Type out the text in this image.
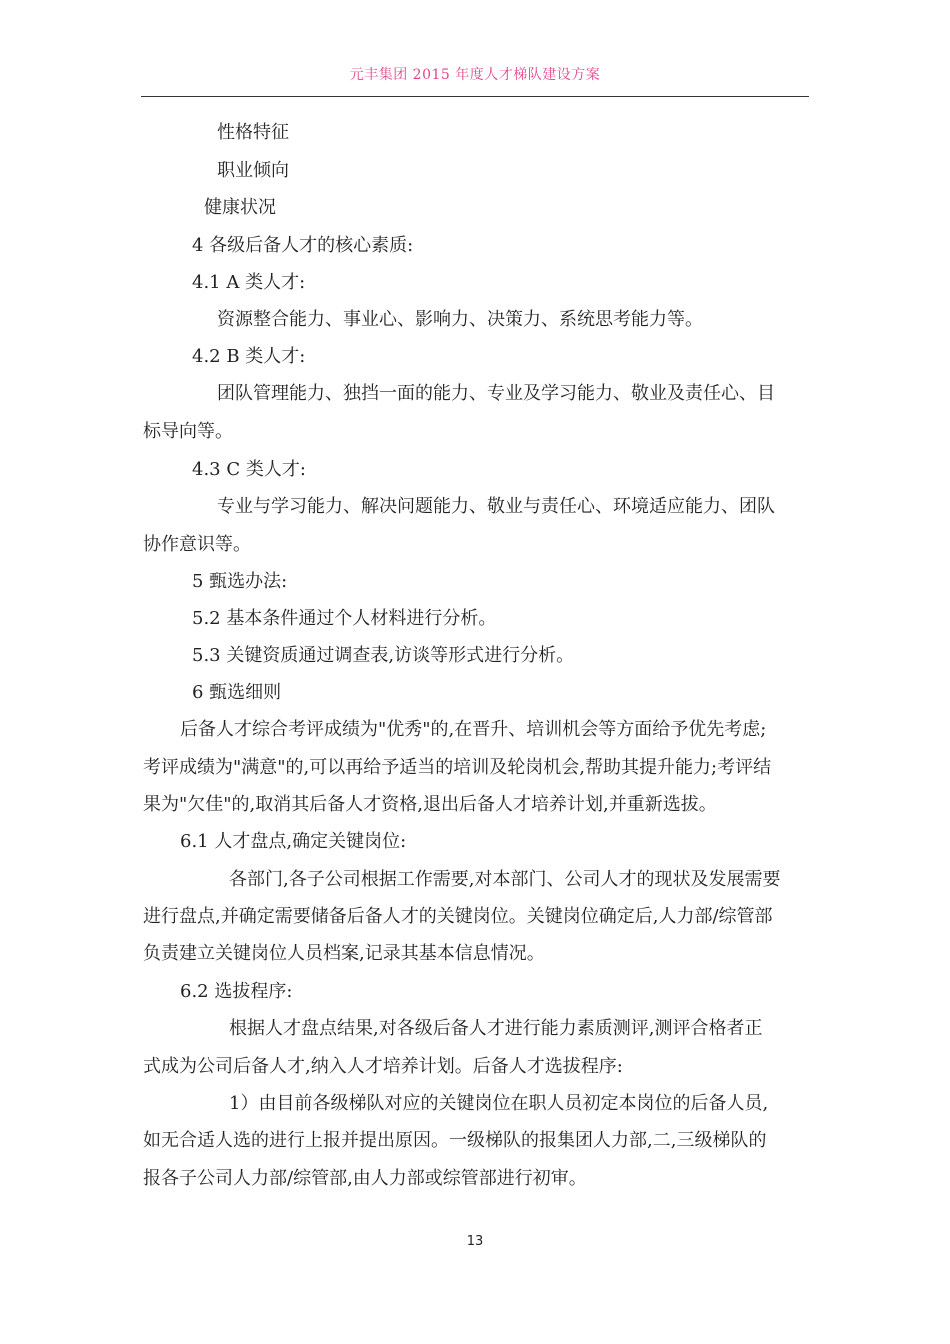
元丰集团 2015 年度人才梯队建设方案
性格特征
职业倾向
健康状况
4 各级后备人才的核心素质:
4.1 A 类人才:
资源整合能力、事业心、影响力、决策力、系统思考能力等。
4.2 B 类人才:
团队管理能力、独挡一面的能力、专业及学习能力、敬业及责任心、目
标导向等。
4.3 C 类人才:
专业与学习能力、解决问题能力、敬业与责任心、环境适应能力、团队
协作意识等。
5 甄选办法:
5.2 基本条件通过个人材料进行分析。
5.3 关键资质通过调查表,访谈等形式进行分析。
6 甄选细则
后备人才综合考评成绩为"优秀"的,在晋升、培训机会等方面给予优先考虑;
考评成绩为"满意"的,可以再给予适当的培训及轮岗机会,帮助其提升能力;考评结
果为"欠佳"的,取消其后备人才资格,退出后备人才培养计划,并重新选拔。
6.1 人才盘点,确定关键岗位:
各部门,各子公司根据工作需要,对本部门、公司人才的现状及发展需要
进行盘点,并确定需要储备后备人才的关键岗位。关键岗位确定后,人力部/综管部
负责建立关键岗位人员档案,记录其基本信息情况。
6.2 选拔程序:
根据人才盘点结果,对各级后备人才进行能力素质测评,测评合格者正
式成为公司后备人才,纳入人才培养计划。后备人才选拔程序:
1）由目前各级梯队对应的关键岗位在职人员初定本岗位的后备人员,
如无合适人选的进行上报并提出原因。一级梯队的报集团人力部,二,三级梯队的
报各子公司人力部/综管部,由人力部或综管部进行初审。
13
